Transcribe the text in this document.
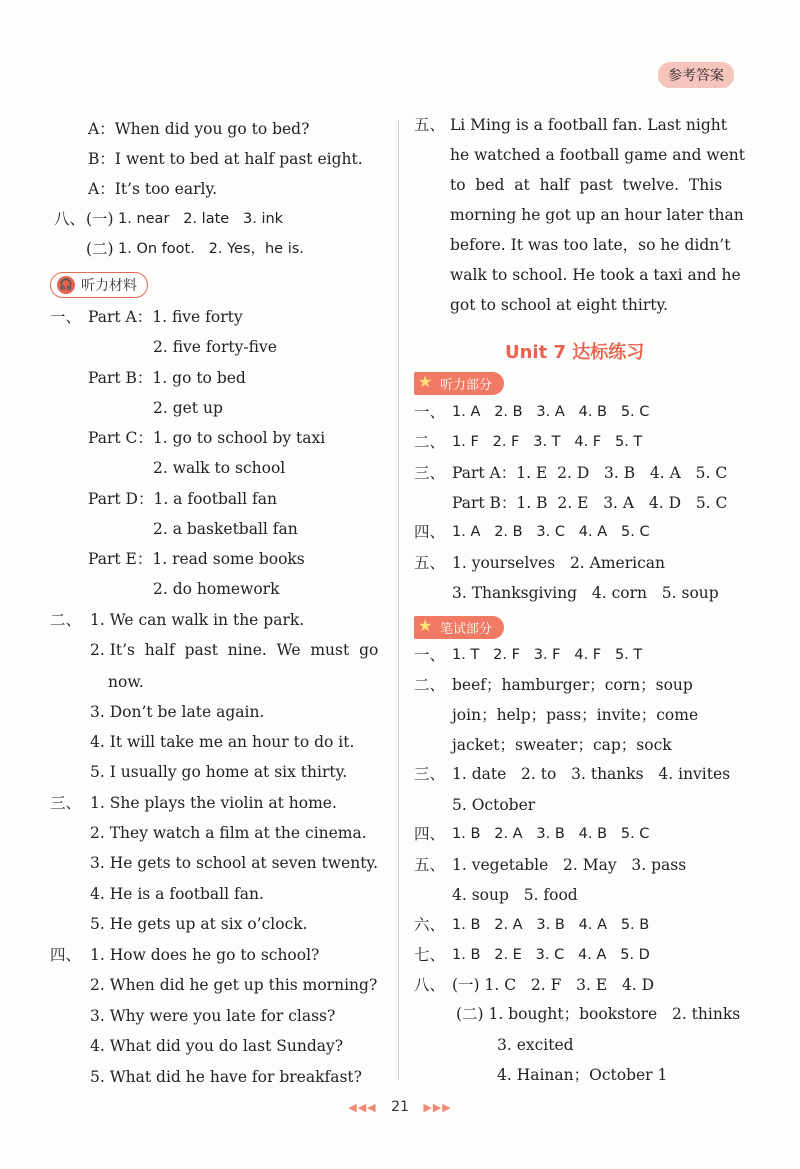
参考答案
A：When did you go to bed?
B：I went to bed at half past eight.
A：It’s too early.
八、 (一) 1. near   2. late   3. ink
(二) 1. On foot.   2. Yes，he is.
🎧 听力材料
一、 Part A：1. five forty
2. five forty-five
Part B：1. go to bed
2. get up
Part C：1. go to school by taxi
2. walk to school
Part D：1. a football fan
2. a basketball fan
Part E：1. read some books
2. do homework
二、 1. We can walk in the park.
2. It’s  half  past  nine.  We  must  go
now.
3. Don’t be late again.
4. It will take me an hour to do it.
5. I usually go home at six thirty.
三、 1. She plays the violin at home.
2. They watch a film at the cinema.
3. He gets to school at seven twenty.
4. He is a football fan.
5. He gets up at six o’clock.
四、 1. How does he go to school?
2. When did he get up this morning?
3. Why were you late for class?
4. What did you do last Sunday?
5. What did he have for breakfast?
五、 Li Ming is a football fan. Last night
he watched a football game and went
to  bed  at  half  past  twelve.  This
morning he got up an hour later than
before. It was too late，so he didn’t
walk to school. He took a taxi and he
got to school at eight thirty.
Unit 7 达标练习
★ 听力部分
一、 1. A   2. B   3. A   4. B   5. C
二、 1. F   2. F   3. T   4. F   5. T
三、 Part A：1. E  2. D   3. B   4. A   5. C
Part B：1. B  2. E   3. A   4. D   5. C
四、 1. A   2. B   3. C   4. A   5. C
五、 1. yourselves   2. American
3. Thanksgiving   4. corn   5. soup
★ 笔试部分
一、 1. T   2. F   3. F   4. F   5. T
二、 beef；hamburger；corn；soup
join；help；pass；invite；come
jacket；sweater；cap；sock
三、 1. date   2. to   3. thanks   4. invites
5. October
四、 1. B   2. A   3. B   4. B   5. C
五、 1. vegetable   2. May   3. pass
4. soup   5. food
六、 1. B   2. A   3. B   4. A   5. B
七、 1. B   2. E   3. C   4. A   5. D
八、 (一) 1. C   2. F   3. E   4. D
(二) 1. bought；bookstore   2. thinks
3. excited
4. Hainan；October 1
◀◀◀ 21 ▶▶▶
